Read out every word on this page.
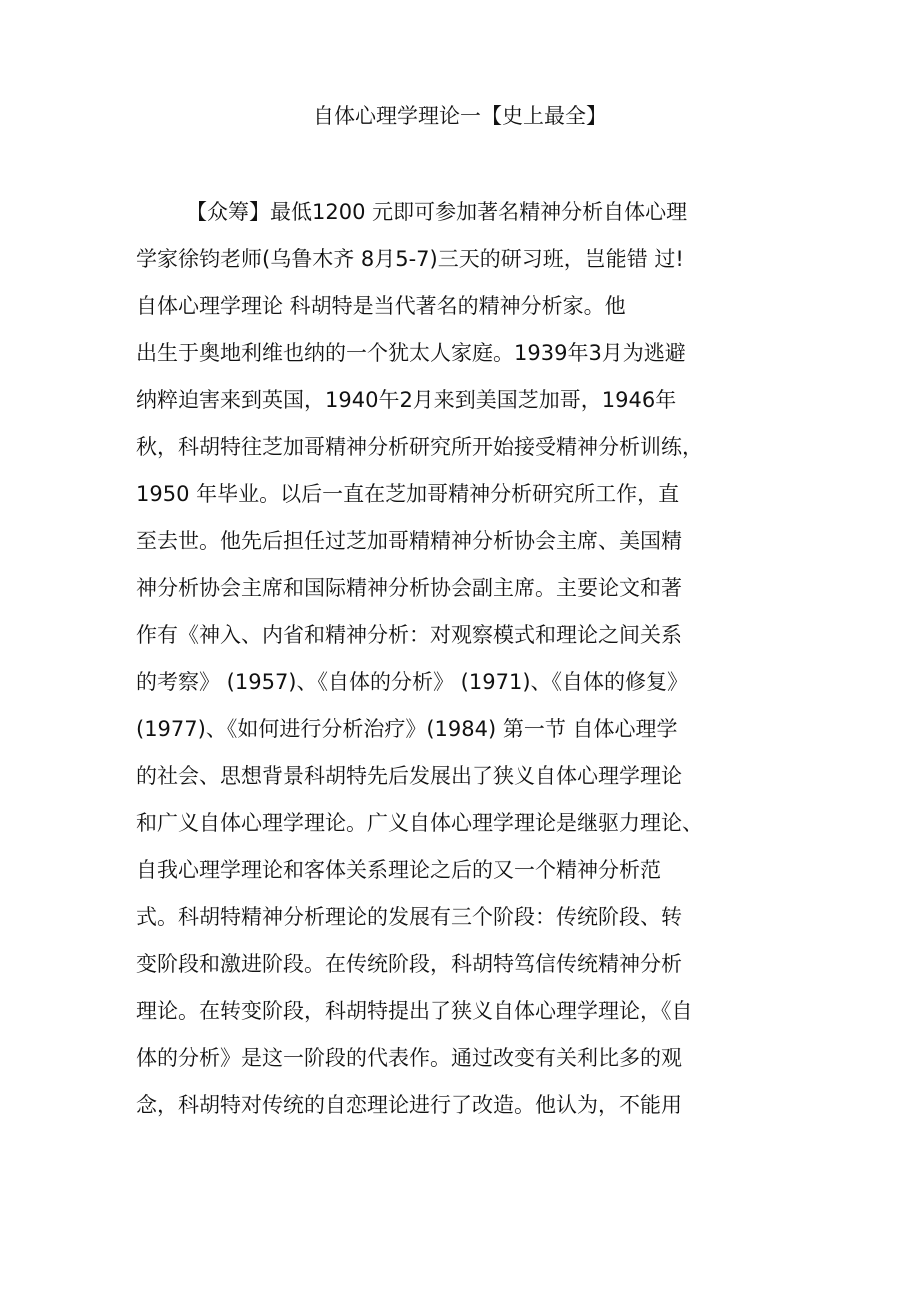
自体心理学理论一【史上最全】
【众筹】最低1200 元即可参加著名精神分析自体心理
学家徐钧老师(乌鲁木齐 8月5-7)三天的研习班，岂能错 过!
自体心理学理论 科胡特是当代著名的精神分析家。他
出生于奥地利维也纳的一个犹太人家庭。1939年3月为逃避
纳粹迫害来到英国，1940午2月来到美国芝加哥，1946年
秋，科胡特往芝加哥精神分析研究所开始接受精神分析训练，
1950 年毕业。以后一直在芝加哥精神分析研究所工作，直
至去世。他先后担任过芝加哥精精神分析协会主席、美国精
神分析协会主席和国际精神分析协会副主席。主要论文和著
作有《神入、内省和精神分析：对观察模式和理论之间关系
的考察》 (1957)、《自体的分析》 (1971)、《自体的修复》
(1977)、《如何进行分析治疗》(1984) 第一节 自体心理学
的社会、思想背景科胡特先后发展出了狭义自体心理学理论
和广义自体心理学理论。广义自体心理学理论是继驱力理论、
自我心理学理论和客体关系理论之后的又一个精神分析范
式。科胡特精神分析理论的发展有三个阶段：传统阶段、转
变阶段和激进阶段。在传统阶段，科胡特笃信传统精神分析
理论。在转变阶段，科胡特提出了狭义自体心理学理论，《自
体的分析》是这一阶段的代表作。通过改变有关利比多的观
念，科胡特对传统的自恋理论进行了改造。他认为，不能用
